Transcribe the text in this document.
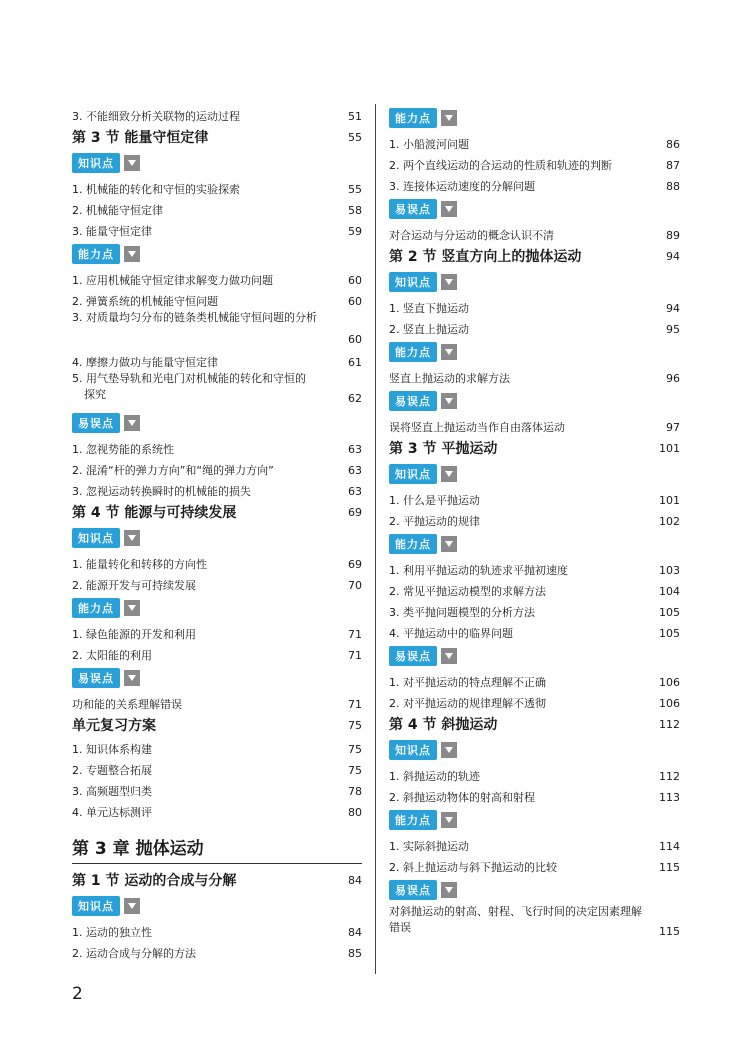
3. 不能细致分析关联物的运动过程	51
第 3 节 能量守恒定律	55
知识点
1. 机械能的转化和守恒的实验探索	55
2. 机械能守恒定律	58
3. 能量守恒定律	59
能力点
1. 应用机械能守恒定律求解变力做功问题	60
2. 弹簧系统的机械能守恒问题	60
3. 对质量均匀分布的链条类机械能守恒问题的分析
60
4. 摩擦力做功与能量守恒定律	61
5. 用气垫导轨和光电门对机械能的转化和守恒的
探究	62
易误点
1. 忽视势能的系统性	63
2. 混淆“杆的弹力方向”和“绳的弹力方向”	63
3. 忽视运动转换瞬时的机械能的损失	63
第 4 节 能源与可持续发展	69
知识点
1. 能量转化和转移的方向性	69
2. 能源开发与可持续发展	70
能力点
1. 绿色能源的开发和利用	71
2. 太阳能的利用	71
易误点
功和能的关系理解错误	71
单元复习方案	75
1. 知识体系构建	75
2. 专题整合拓展	75
3. 高频题型归类	78
4. 单元达标测评	80
第 3 章 抛体运动
第 1 节 运动的合成与分解	84
知识点
1. 运动的独立性	84
2. 运动合成与分解的方法	85
能力点
1. 小船渡河问题	86
2. 两个直线运动的合运动的性质和轨迹的判断	87
3. 连接体运动速度的分解问题	88
易误点
对合运动与分运动的概念认识不清	89
第 2 节 竖直方向上的抛体运动	94
知识点
1. 竖直下抛运动	94
2. 竖直上抛运动	95
能力点
竖直上抛运动的求解方法	96
易误点
误将竖直上抛运动当作自由落体运动	97
第 3 节 平抛运动	101
知识点
1. 什么是平抛运动	101
2. 平抛运动的规律	102
能力点
1. 利用平抛运动的轨迹求平抛初速度	103
2. 常见平抛运动模型的求解方法	104
3. 类平抛问题模型的分析方法	105
4. 平抛运动中的临界问题	105
易误点
1. 对平抛运动的特点理解不正确	106
2. 对平抛运动的规律理解不透彻	106
第 4 节 斜抛运动	112
知识点
1. 斜抛运动的轨迹	112
2. 斜抛运动物体的射高和射程	113
能力点
1. 实际斜抛运动	114
2. 斜上抛运动与斜下抛运动的比较	115
易误点
对斜抛运动的射高、射程、飞行时间的决定因素理解
错误	115
2
